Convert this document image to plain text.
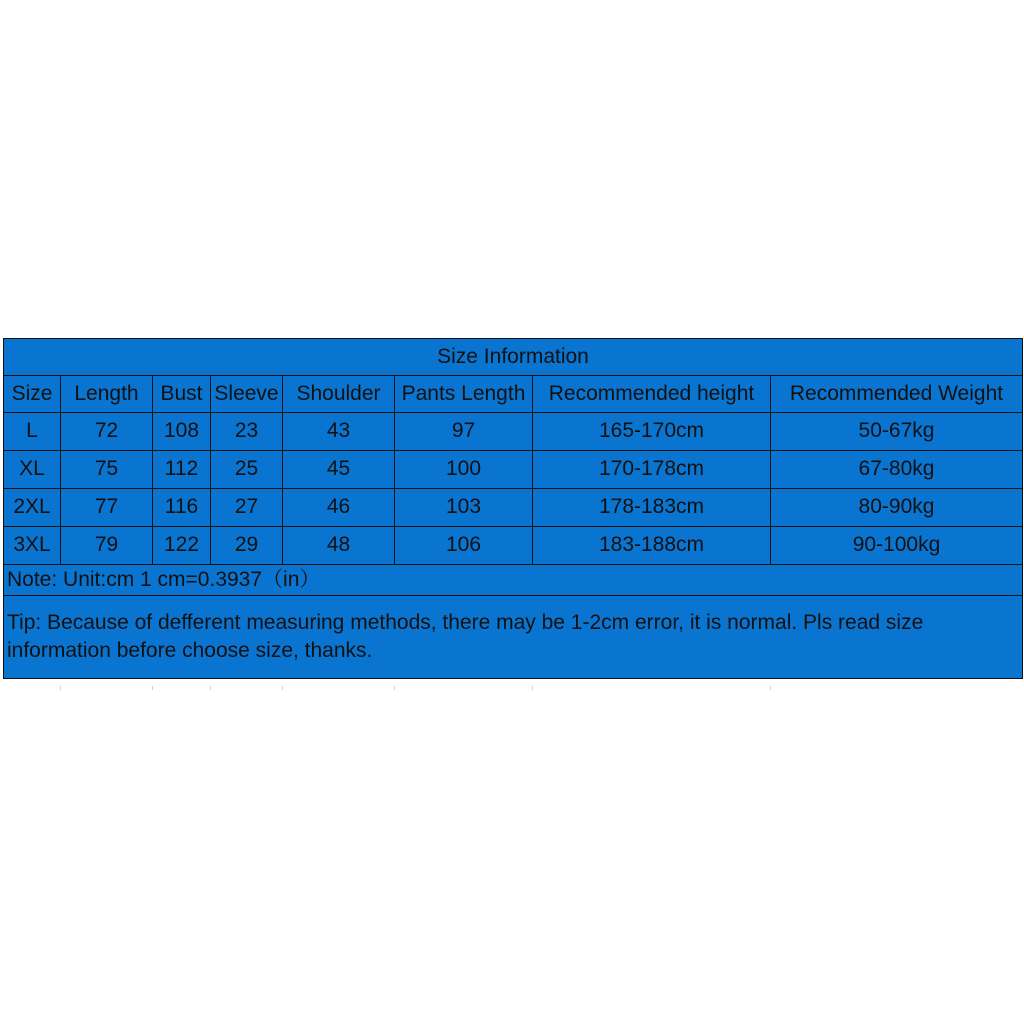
Size Information							
Size	Length	Bust	Sleeve	Shoulder	Pants Length	Recommended height	Recommended Weight
L	72	108	23	43	97	165-170cm	50-67kg
XL	75	112	25	45	100	170-178cm	67-80kg
2XL	77	116	27	46	103	178-183cm	80-90kg
3XL	79	122	29	48	106	183-188cm	90-100kg
Note: Unit:cm 1 cm=0.3937（in）							
Tip: Because of defferent measuring methods, there may be 1-2cm error, it is normal. Pls read size information before choose size, thanks.							
